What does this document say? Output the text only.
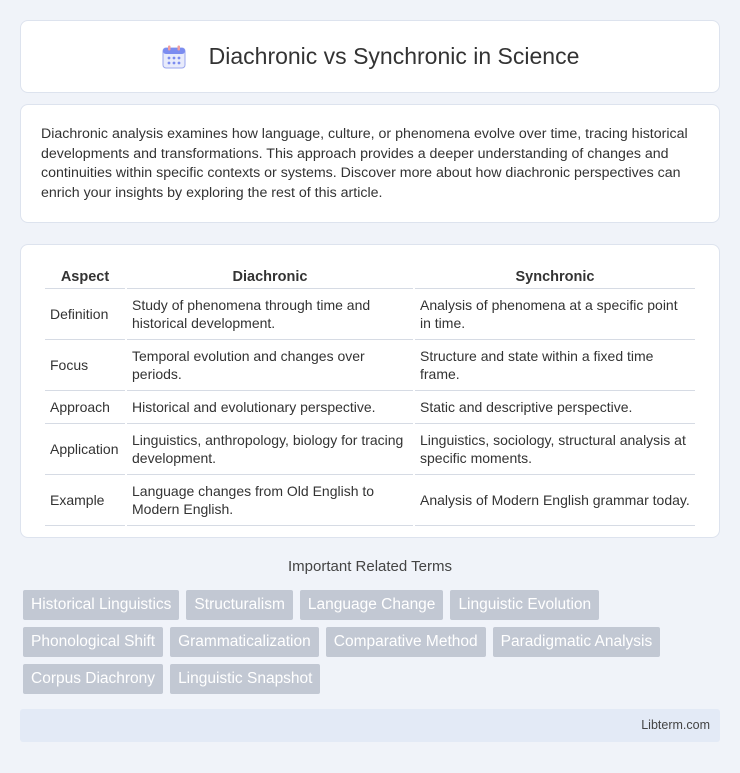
Diachronic vs Synchronic in Science

Diachronic analysis examines how language, culture, or phenomena evolve over time, tracing historical developments and transformations. This approach provides a deeper understanding of changes and continuities within specific contexts or systems. Discover more about how diachronic perspectives can enrich your insights by exploring the rest of this article.

Aspect	Diachronic	Synchronic
Definition	Study of phenomena through time and historical development.	Analysis of phenomena at a specific point in time.
Focus	Temporal evolution and changes over periods.	Structure and state within a fixed time frame.
Approach	Historical and evolutionary perspective.	Static and descriptive perspective.
Application	Linguistics, anthropology, biology for tracing development.	Linguistics, sociology, structural analysis at specific moments.
Example	Language changes from Old English to Modern English.	Analysis of Modern English grammar today.
Important Related Terms
Historical Linguistics	Structuralism	Language Change	Linguistic Evolution
Phonological Shift	Grammaticalization	Comparative Method	Paradigmatic Analysis
Corpus Diachrony	Linguistic Snapshot
Libterm.com
